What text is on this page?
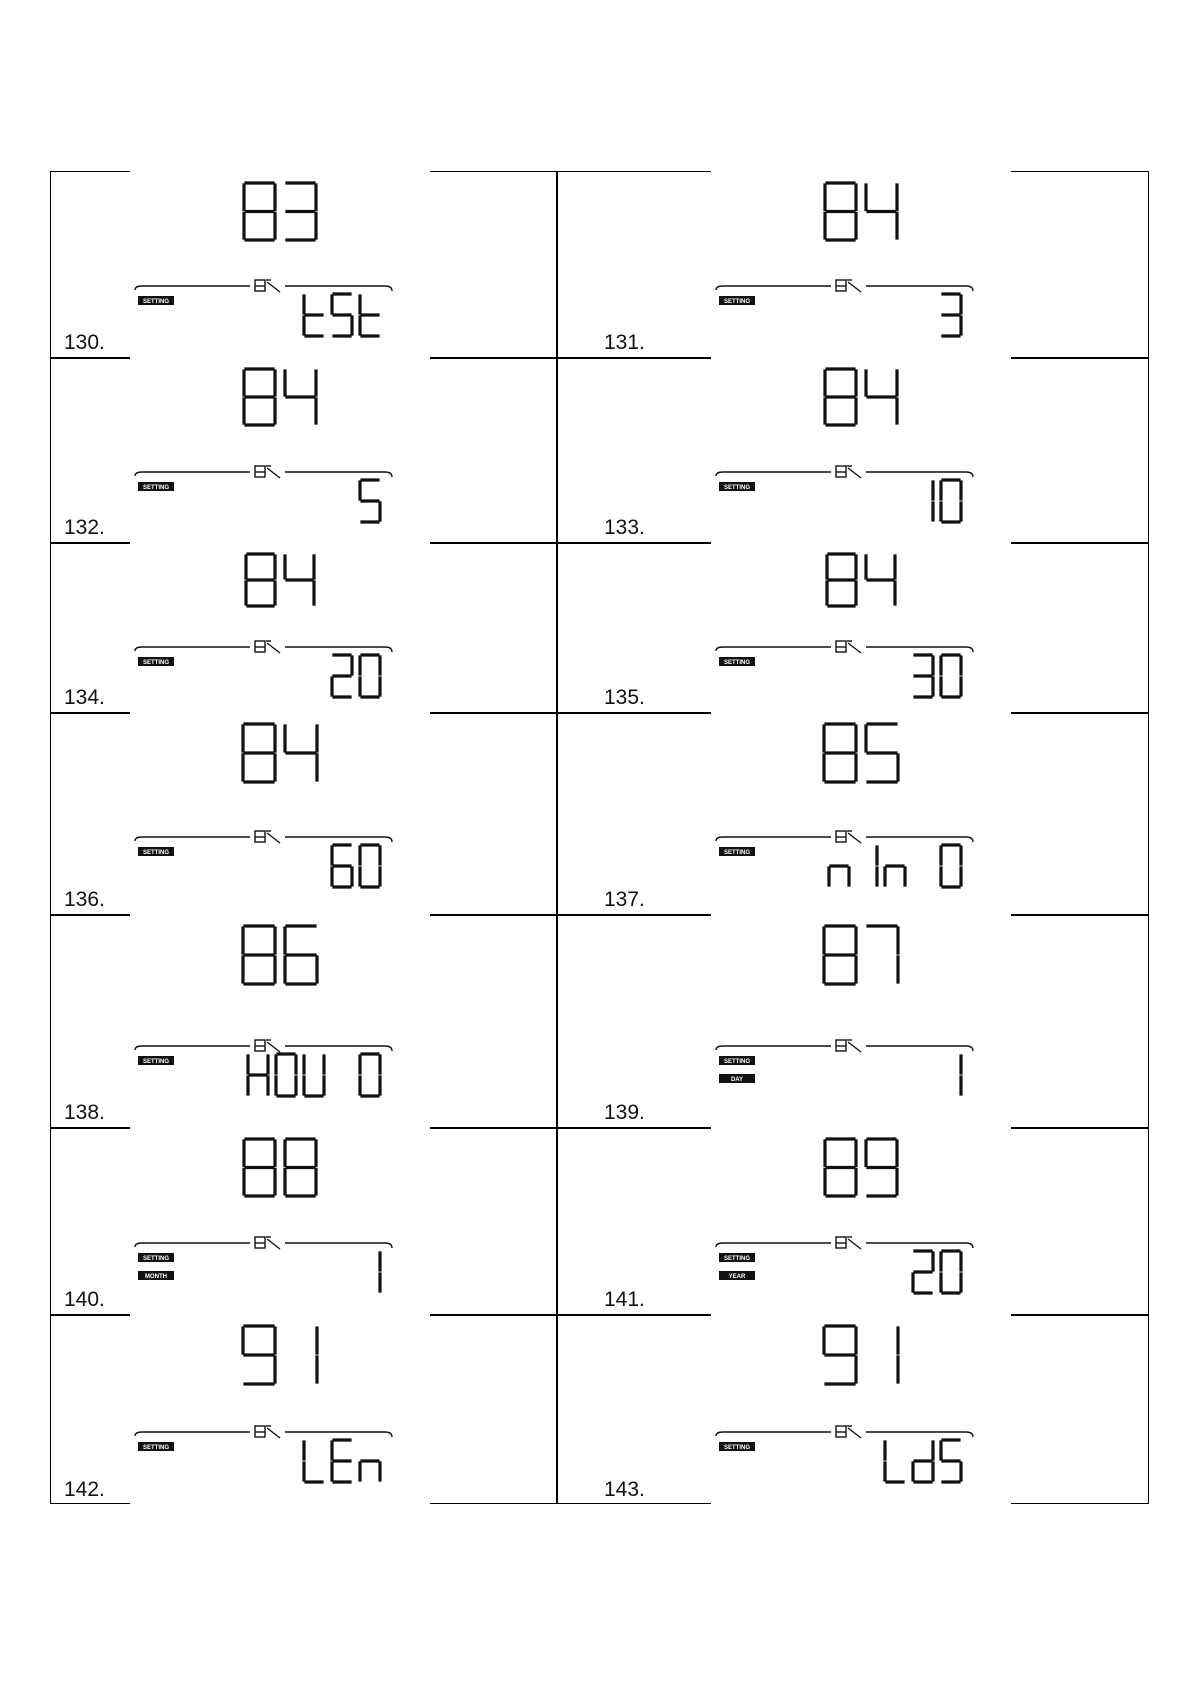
130.
SETTING
131.
SETTING
132.
SETTING
133.
SETTING
134.
SETTING
135.
SETTING
136.
SETTING
137.
SETTING
138.
SETTING
139.
SETTING
DAY
140.
SETTING
MONTH
141.
SETTING
YEAR
142.
SETTING
143.
SETTING
